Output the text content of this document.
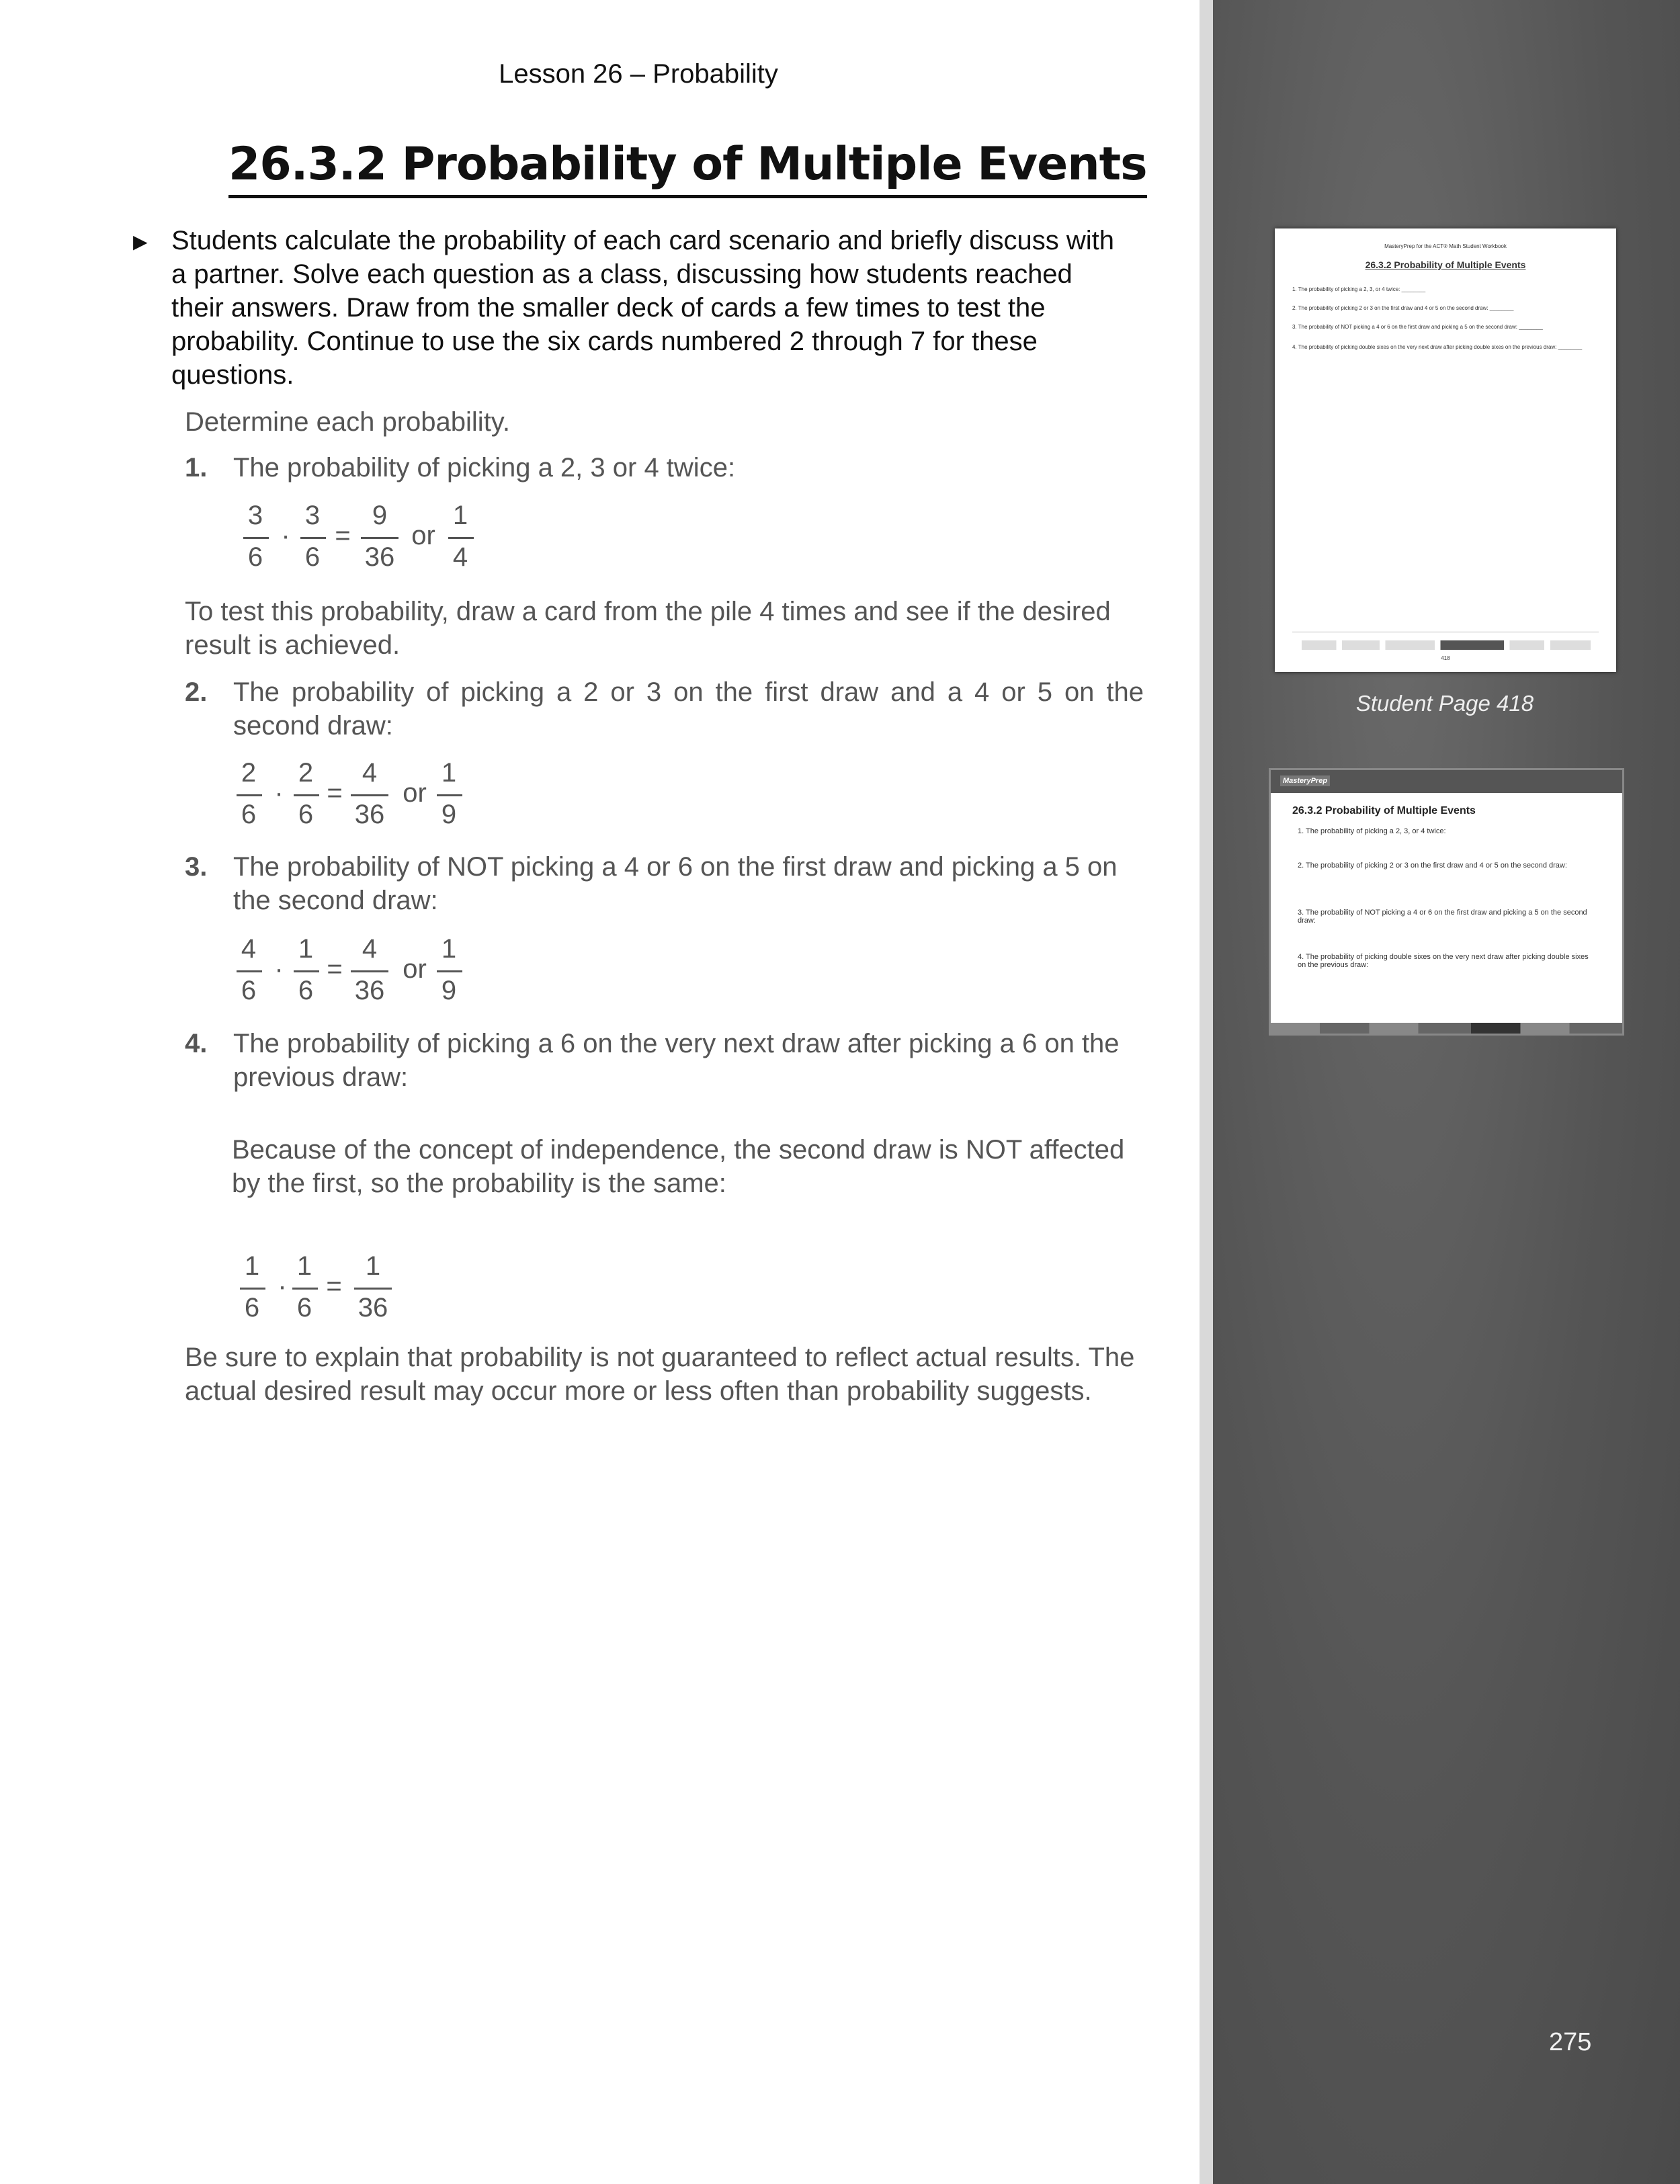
Lesson 26 – Probability
26.3.2 Probability of Multiple Events
▶ Students calculate the probability of each card scenario and briefly discuss with a partner. Solve each question as a class, discussing how students reached their answers. Draw from the smaller deck of cards a few times to test the probability. Continue to use the six cards numbered 2 through 7 for these questions.

Determine each probability.

1. The probability of picking a 2, 3 or 4 twice:

3
6
·
3
6
=
9
36
or
1
4

To test this probability, draw a card from the pile 4 times and see if the desired result is achieved.

2. The probability of picking a 2 or 3 on the first draw and a 4 or 5 on the second draw:

2
6
·
2
6
=
4
36
or
1
9
3. The probability of NOT picking a 4 or 6 on the first draw and picking a 5 on the second draw:

4
6
·
1
6
=
4
36
or
1
9
4. The probability of picking a 6 on the very next draw after picking a 6 on the previous draw:

Because of the concept of independence, the second draw is NOT affected by the first, so the probability is the same:

1
6
·
1
6
=
1
36

Be sure to explain that probability is not guaranteed to reflect actual results. The actual desired result may occur more or less often than probability suggests.

MasteryPrep for the ACT® Math Student Workbook
26.3.2 Probability of Multiple Events
1. The probability of picking a 2, 3, or 4 twice: ________
2. The probability of picking 2 or 3 on the first draw and 4 or 5 on the second draw: ________
3. The probability of NOT picking a 4 or 6 on the first draw and picking a 5 on the second draw: ________
4. The probability of picking double sixes on the very next draw after picking double sixes on the previous draw: ________
418
Student Page 418
MasteryPrep
26.3.2 Probability of Multiple Events
1. The probability of picking a 2, 3, or 4 twice:
2. The probability of picking 2 or 3 on the first draw and 4 or 5 on the second draw:
3. The probability of NOT picking a 4 or 6 on the first draw and picking a 5 on the second draw:
4. The probability of picking double sixes on the very next draw after picking double sixes on the previous draw:
275
